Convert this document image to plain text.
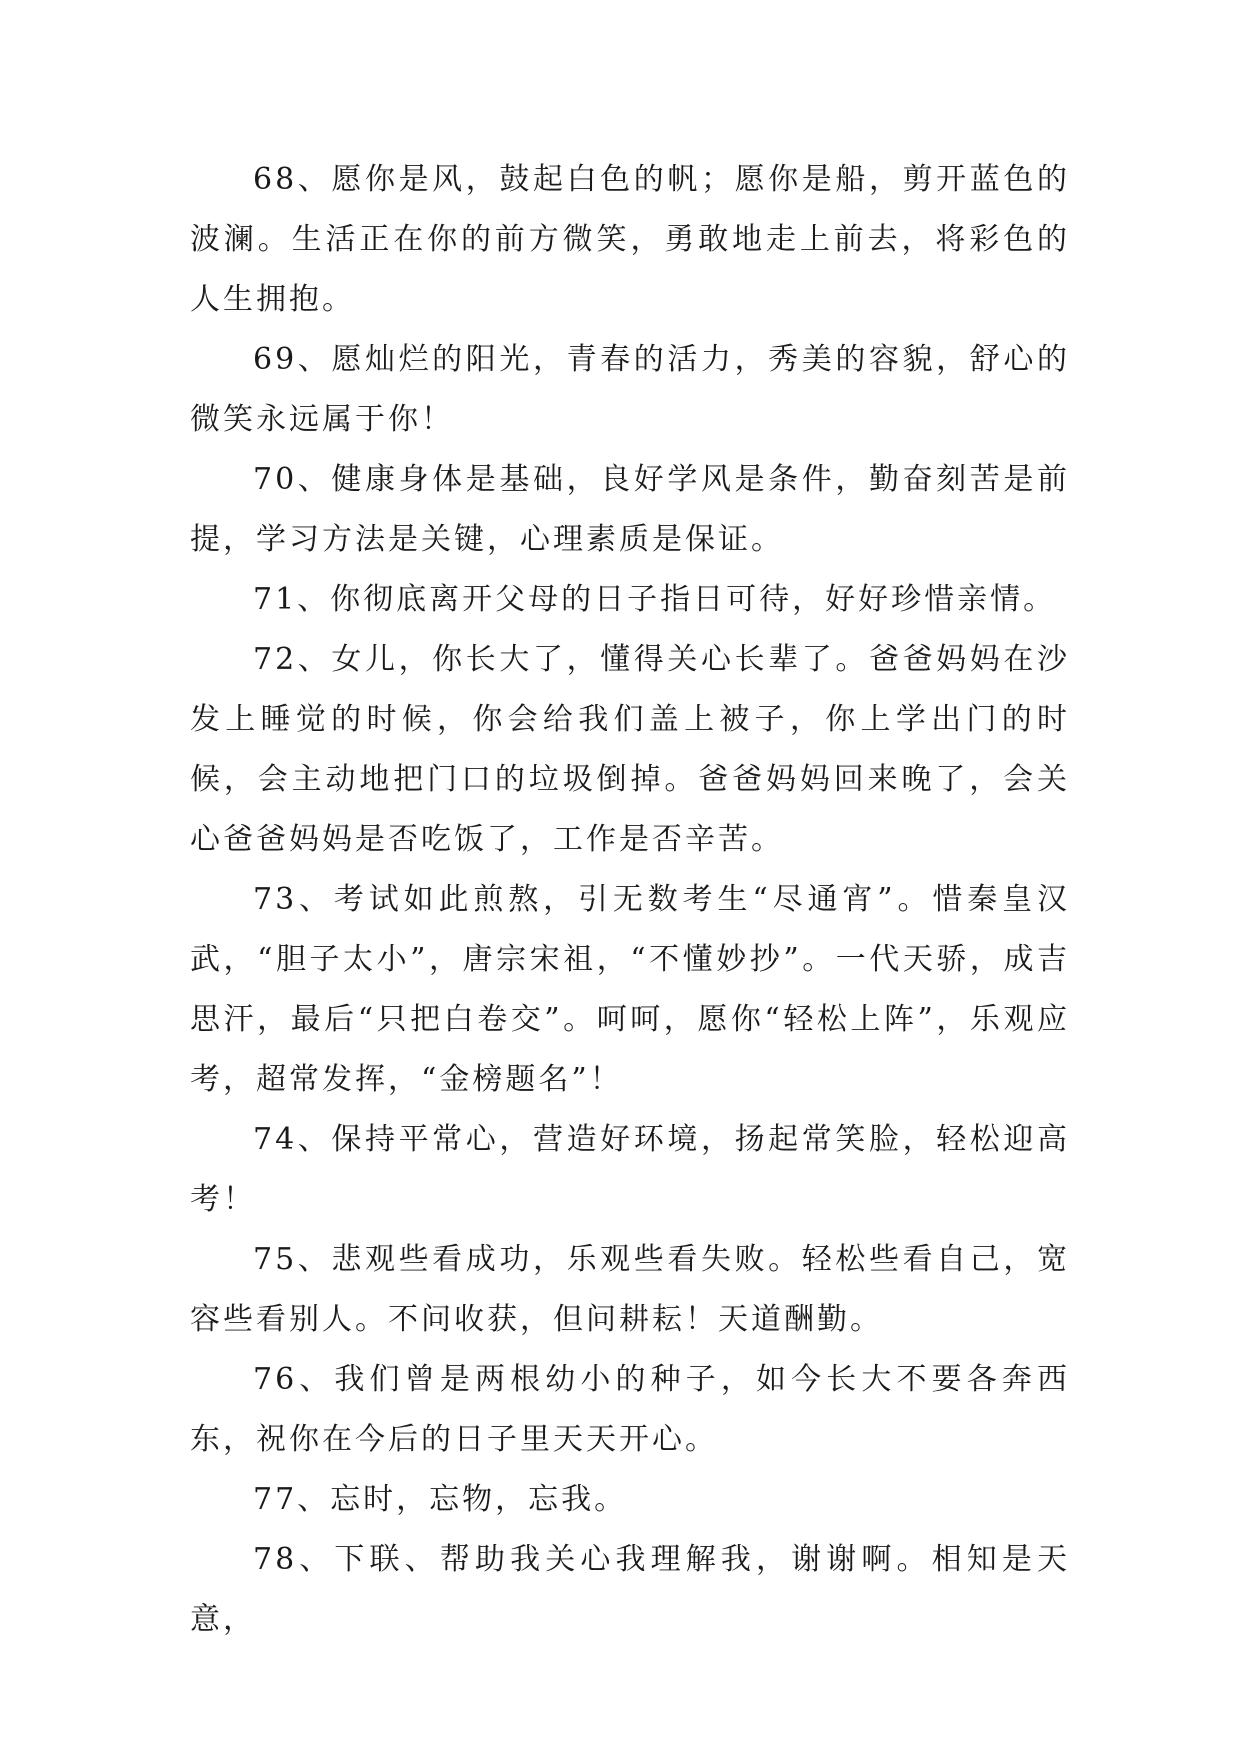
68、愿你是风，鼓起白色的帆；愿你是船，剪开蓝色的波澜。生活正在你的前方微笑，勇敢地走上前去，将彩色的人生拥抱。

69、愿灿烂的阳光，青春的活力，秀美的容貌，舒心的微笑永远属于你！

70、健康身体是基础，良好学风是条件，勤奋刻苦是前提，学习方法是关键，心理素质是保证。

71、你彻底离开父母的日子指日可待，好好珍惜亲情。

72、女儿，你长大了，懂得关心长辈了。爸爸妈妈在沙发上睡觉的时候，你会给我们盖上被子，你上学出门的时候，会主动地把门口的垃圾倒掉。爸爸妈妈回来晚了，会关心爸爸妈妈是否吃饭了，工作是否辛苦。

73、考试如此煎熬，引无数考生“尽通宵”。惜秦皇汉武，“胆子太小”，唐宗宋祖，“不懂妙抄”。一代天骄，成吉思汗，最后“只把白卷交”。呵呵，愿你“轻松上阵”，乐观应考，超常发挥，“金榜题名”！

74、保持平常心，营造好环境，扬起常笑脸，轻松迎高考！

75、悲观些看成功，乐观些看失败。轻松些看自己，宽容些看别人。不问收获，但问耕耘！天道酬勤。

76、我们曾是两根幼小的种子，如今长大不要各奔西东，祝你在今后的日子里天天开心。

77、忘时，忘物，忘我。

78、下联、帮助我关心我理解我，谢谢啊。相知是天意，
